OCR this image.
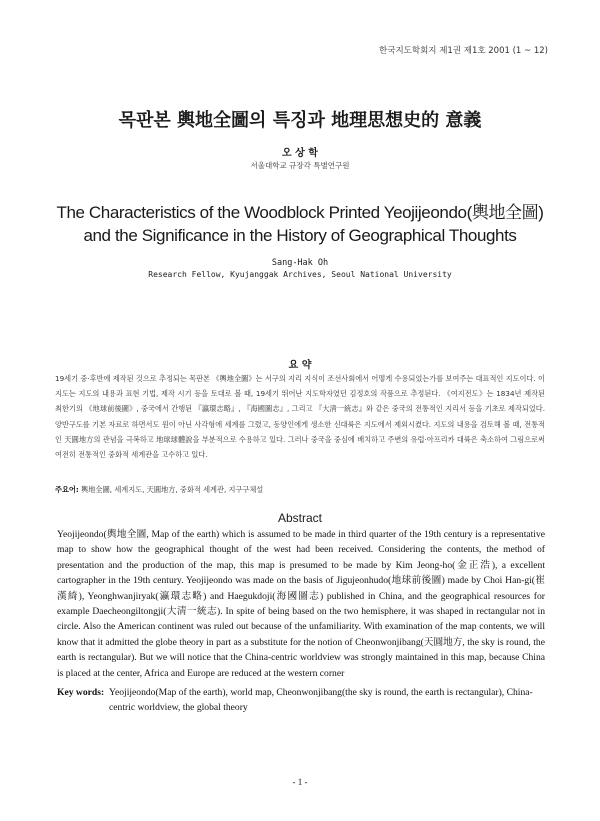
한국지도학회지 제1권 제1호 2001 (1 ~ 12)
목판본 輿地全圖의 특징과 地理思想史的 意義
오 상 학
서울대학교 규장각 특별연구원
The Characteristics of the Woodblock Printed Yeojijeondo(輿地全圖)
and the Significance in the History of Geographical Thoughts
Sang-Hak Oh
Research Fellow, Kyujanggak Archives, Seoul National University
요 약

19세기 중·후반에 제작된 것으로 추정되는 목판본 《輿地全圖》는 서구의 지리 지식이 조선사회에서 어떻게 수용되었는가를 보여주는 대표적인 지도이다. 이 지도는 지도의 내용과 표현 기법, 제작 시기 등을 토대로 볼 때, 19세기 뛰어난 지도학자였던 김정호의 작품으로 추정된다. 《여지전도》는 1834년 제작된 최한기의 《地球前後圖》, 중국에서 간행된 『瀛環志略』, 『海國圖志』, 그리고 『大淸一統志』와 같은 중국의 전통적인 지리서 등을 기초로 제작되었다. 양반구도를 기본 자료로 하면서도 원이 아닌 사각형에 세계를 그렸고, 동양인에게 생소한 신대륙은 지도에서 제외시켰다. 지도의 내용을 검토해 볼 때, 전통적인 天圓地方의 관념을 극복하고 地球球體說을 부분적으로 수용하고 있다. 그러나 중국을 중심에 배치하고 주변의 유럽·아프리카 대륙은 축소하여 그림으로써 여전히 전통적인 중화적 세계관을 고수하고 있다.

주요어: 輿地全圖, 세계지도, 天圓地方, 중화적 세계관, 지구구체설
Abstract

Yeojijeondo(輿地全圖, Map of the earth) which is assumed to be made in third quarter of the 19th century is a representative map to show how the geographical thought of the west had been received. Considering the contents, the method of presentation and the production of the map, this map is presumed to be made by Kim Jeong-ho(金正浩), a excellent cartographer in the 19th century. Yeojijeondo was made on the basis of Jigujeonhudo(地球前後圖) made by Choi Han-gi(崔漢綺), Yeonghwanjiryak(瀛環志略) and Haegukdoji(海國圖志) published in China, and the geographical resources for example Daecheongiltongji(大淸一統志). In spite of being based on the two hemisphere, it was shaped in rectangular not in circle. Also the American continent was ruled out because of the unfamiliarity. With examination of the map contents, we will know that it admitted the globe theory in part as a substitute for the notion of Cheonwonjibang(天圓地方, the sky is round, the earth is rectangular). But we will notice that the China-centric worldview was strongly maintained in this map, because China is placed at the center, Africa and Europe are reduced at the western corner

Key words: Yeojijeondo(Map of the earth), world map, Cheonwonjibang(the sky is round, the earth is rectangular), China-centric worldview, the global theory
- 1 -
